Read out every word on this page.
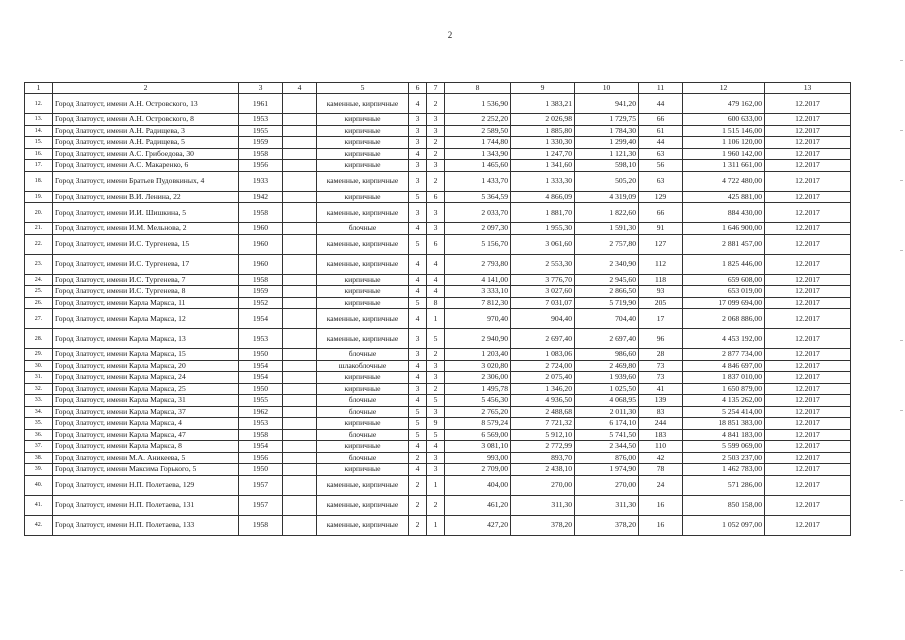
2
1	2	3	4	5	6	7	8	9	10	11	12	13
12.	Город Златоуст, имени А.Н. Островского, 13	1961		каменные, кирпичные	4	2	1 536,90	1 383,21	941,20	44	479 162,00	12.2017
13.	Город Златоуст, имени А.Н. Островского, 8	1953		кирпичные	3	3	2 252,20	2 026,98	1 729,75	66	600 633,00	12.2017
14.	Город Златоуст, имени А.Н. Радищева, 3	1955		кирпичные	3	3	2 589,50	1 885,80	1 784,30	61	1 515 146,00	12.2017
15.	Город Златоуст, имени А.Н. Радищева, 5	1959		кирпичные	3	2	1 744,80	1 330,30	1 299,40	44	1 106 120,00	12.2017
16.	Город Златоуст, имени А.С. Грибоедова, 30	1958		кирпичные	4	2	1 343,90	1 247,70	1 121,30	63	1 960 142,00	12.2017
17.	Город Златоуст, имени А.С. Макаренко, 6	1956		кирпичные	3	3	1 465,60	1 341,60	598,10	56	1 311 661,00	12.2017
18.	Город Златоуст, имени Братьев Пудовкиных, 4	1933		каменные, кирпичные	3	2	1 433,70	1 333,30	505,20	63	4 722 480,00	12.2017
19.	Город Златоуст, имени В.И. Ленина, 22	1942		кирпичные	5	6	5 364,59	4 866,09	4 319,09	129	425 881,00	12.2017
20.	Город Златоуст, имени И.И. Шишкина, 5	1958		каменные, кирпичные	3	3	2 033,70	1 881,70	1 822,60	66	884 430,00	12.2017
21.	Город Златоуст, имени И.М. Мельнова, 2	1960		блочные	4	3	2 097,30	1 955,30	1 591,30	91	1 646 900,00	12.2017
22.	Город Златоуст, имени И.С. Тургенева, 15	1960		каменные, кирпичные	5	6	5 156,70	3 061,60	2 757,80	127	2 881 457,00	12.2017
23.	Город Златоуст, имени И.С. Тургенева, 17	1960		каменные, кирпичные	4	4	2 793,80	2 553,30	2 340,90	112	1 825 446,00	12.2017
24.	Город Златоуст, имени И.С. Тургенева, 7	1958		кирпичные	4	4	4 141,00	3 776,70	2 945,60	118	659 608,00	12.2017
25.	Город Златоуст, имени И.С. Тургенева, 8	1959		кирпичные	4	4	3 333,10	3 027,60	2 866,50	93	653 019,00	12.2017
26.	Город Златоуст, имени Карла Маркса, 11	1952		кирпичные	5	8	7 812,30	7 031,07	5 719,90	205	17 099 694,00	12.2017
27.	Город Златоуст, имени Карла Маркса, 12	1954		каменные, кирпичные	4	1	970,40	904,40	704,40	17	2 068 886,00	12.2017
28.	Город Златоуст, имени Карла Маркса, 13	1953		каменные, кирпичные	3	5	2 940,90	2 697,40	2 697,40	96	4 453 192,00	12.2017
29.	Город Златоуст, имени Карла Маркса, 15	1950		блочные	3	2	1 203,40	1 083,06	986,60	28	2 877 734,00	12.2017
30.	Город Златоуст, имени Карла Маркса, 20	1954		шлакоблочные	4	3	3 020,80	2 724,00	2 469,80	73	4 846 697,00	12.2017
31.	Город Златоуст, имени Карла Маркса, 24	1954		кирпичные	4	3	2 306,00	2 075,40	1 939,60	73	1 837 010,00	12.2017
32.	Город Златоуст, имени Карла Маркса, 25	1950		кирпичные	3	2	1 495,78	1 346,20	1 025,50	41	1 650 879,00	12.2017
33.	Город Златоуст, имени Карла Маркса, 31	1955		блочные	4	5	5 456,30	4 936,50	4 068,95	139	4 135 262,00	12.2017
34.	Город Златоуст, имени Карла Маркса, 37	1962		блочные	5	3	2 765,20	2 488,68	2 011,30	83	5 254 414,00	12.2017
35.	Город Златоуст, имени Карла Маркса, 4	1953		кирпичные	5	9	8 579,24	7 721,32	6 174,10	244	18 851 383,00	12.2017
36.	Город Златоуст, имени Карла Маркса, 47	1958		блочные	5	5	6 569,00	5 912,10	5 741,50	183	4 841 183,00	12.2017
37.	Город Златоуст, имени Карла Маркса, 8	1954		кирпичные	4	4	3 081,10	2 772,99	2 344,50	110	5 599 069,00	12.2017
38.	Город Златоуст, имени М.А. Аникеева, 5	1956		блочные	2	3	993,00	893,70	876,00	42	2 503 237,00	12.2017
39.	Город Златоуст, имени Максима Горького, 5	1950		кирпичные	4	3	2 709,00	2 438,10	1 974,90	78	1 462 783,00	12.2017
40.	Город Златоуст, имени Н.П. Полетаева, 129	1957		каменные, кирпичные	2	1	404,00	270,00	270,00	24	571 286,00	12.2017
41.	Город Златоуст, имени Н.П. Полетаева, 131	1957		каменные, кирпичные	2	2	461,20	311,30	311,30	16	850 158,00	12.2017
42.	Город Златоуст, имени Н.П. Полетаева, 133	1958		каменные, кирпичные	2	1	427,20	378,20	378,20	16	1 052 097,00	12.2017
